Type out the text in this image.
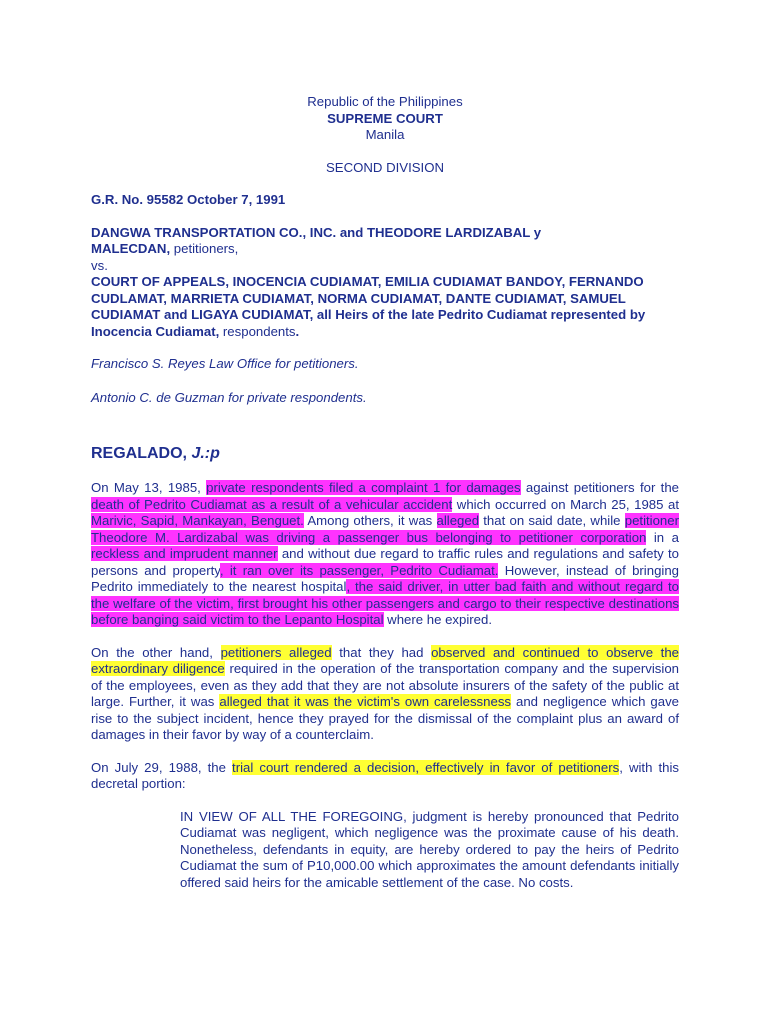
Republic of the Philippines
SUPREME COURT
Manila
SECOND DIVISION
G.R. No. 95582 October 7, 1991
DANGWA TRANSPORTATION CO., INC. and THEODORE LARDIZABAL y MALECDAN, petitioners,
vs.
COURT OF APPEALS, INOCENCIA CUDIAMAT, EMILIA CUDIAMAT BANDOY, FERNANDO CUDLAMAT, MARRIETA CUDIAMAT, NORMA CUDIAMAT, DANTE CUDIAMAT, SAMUEL CUDIAMAT and LIGAYA CUDIAMAT, all Heirs of the late Pedrito Cudiamat represented by Inocencia Cudiamat, respondents.
Francisco S. Reyes Law Office for petitioners.
Antonio C. de Guzman for private respondents.
REGALADO, J.:p

On May 13, 1985, private respondents filed a complaint 1 for damages against petitioners for the death of Pedrito Cudiamat as a result of a vehicular accident which occurred on March 25, 1985 at Marivic, Sapid, Mankayan, Benguet. Among others, it was alleged that on said date, while petitioner Theodore M. Lardizabal was driving a passenger bus belonging to petitioner corporation in a reckless and imprudent manner and without due regard to traffic rules and regulations and safety to persons and property, it ran over its passenger, Pedrito Cudiamat. However, instead of bringing Pedrito immediately to the nearest hospital, the said driver, in utter bad faith and without regard to the welfare of the victim, first brought his other passengers and cargo to their respective destinations before banging said victim to the Lepanto Hospital where he expired.

On the other hand, petitioners alleged that they had observed and continued to observe the extraordinary diligence required in the operation of the transportation company and the supervision of the employees, even as they add that they are not absolute insurers of the safety of the public at large. Further, it was alleged that it was the victim's own carelessness and negligence which gave rise to the subject incident, hence they prayed for the dismissal of the complaint plus an award of damages in their favor by way of a counterclaim.

On July 29, 1988, the trial court rendered a decision, effectively in favor of petitioners, with this decretal portion:

IN VIEW OF ALL THE FOREGOING, judgment is hereby pronounced that Pedrito Cudiamat was negligent, which negligence was the proximate cause of his death. Nonetheless, defendants in equity, are hereby ordered to pay the heirs of Pedrito Cudiamat the sum of P10,000.00 which approximates the amount defendants initially offered said heirs for the amicable settlement of the case. No costs.
